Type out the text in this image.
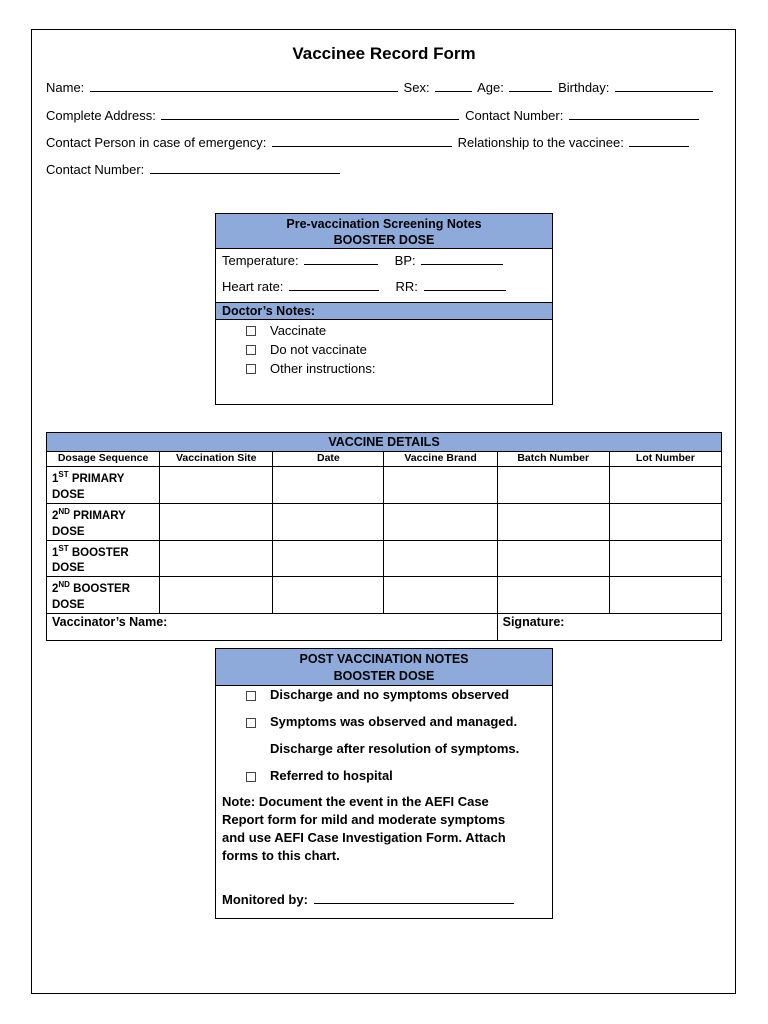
Vaccinee Record Form
Name:	Sex:	Age:	Birthday:
Complete Address:	Contact Number:
Contact Person in case of emergency:	Relationship to the vaccinee:
Contact Number:
Pre-vaccination Screening Notes
BOOSTER DOSE
Temperature:	BP:
Heart rate:	RR:
Doctor’s Notes:
Vaccinate
Do not vaccinate
Other instructions:
VACCINE DETAILS
Dosage Sequence	Vaccination Site	Date	Vaccine Brand	Batch Number	Lot Number
1ST PRIMARY
DOSE					
2ND PRIMARY
DOSE					
1ST BOOSTER
DOSE					
2ND BOOSTER
DOSE					
Vaccinator’s Name:				Signature:	
POST VACCINATION NOTES
BOOSTER DOSE
Discharge and no symptoms observed
Symptoms was observed and managed.
Discharge after resolution of symptoms.
Referred to hospital
Note: Document the event in the AEFI Case
Report form for mild and moderate symptoms
and use AEFI Case Investigation Form. Attach
forms to this chart.
Monitored by:
